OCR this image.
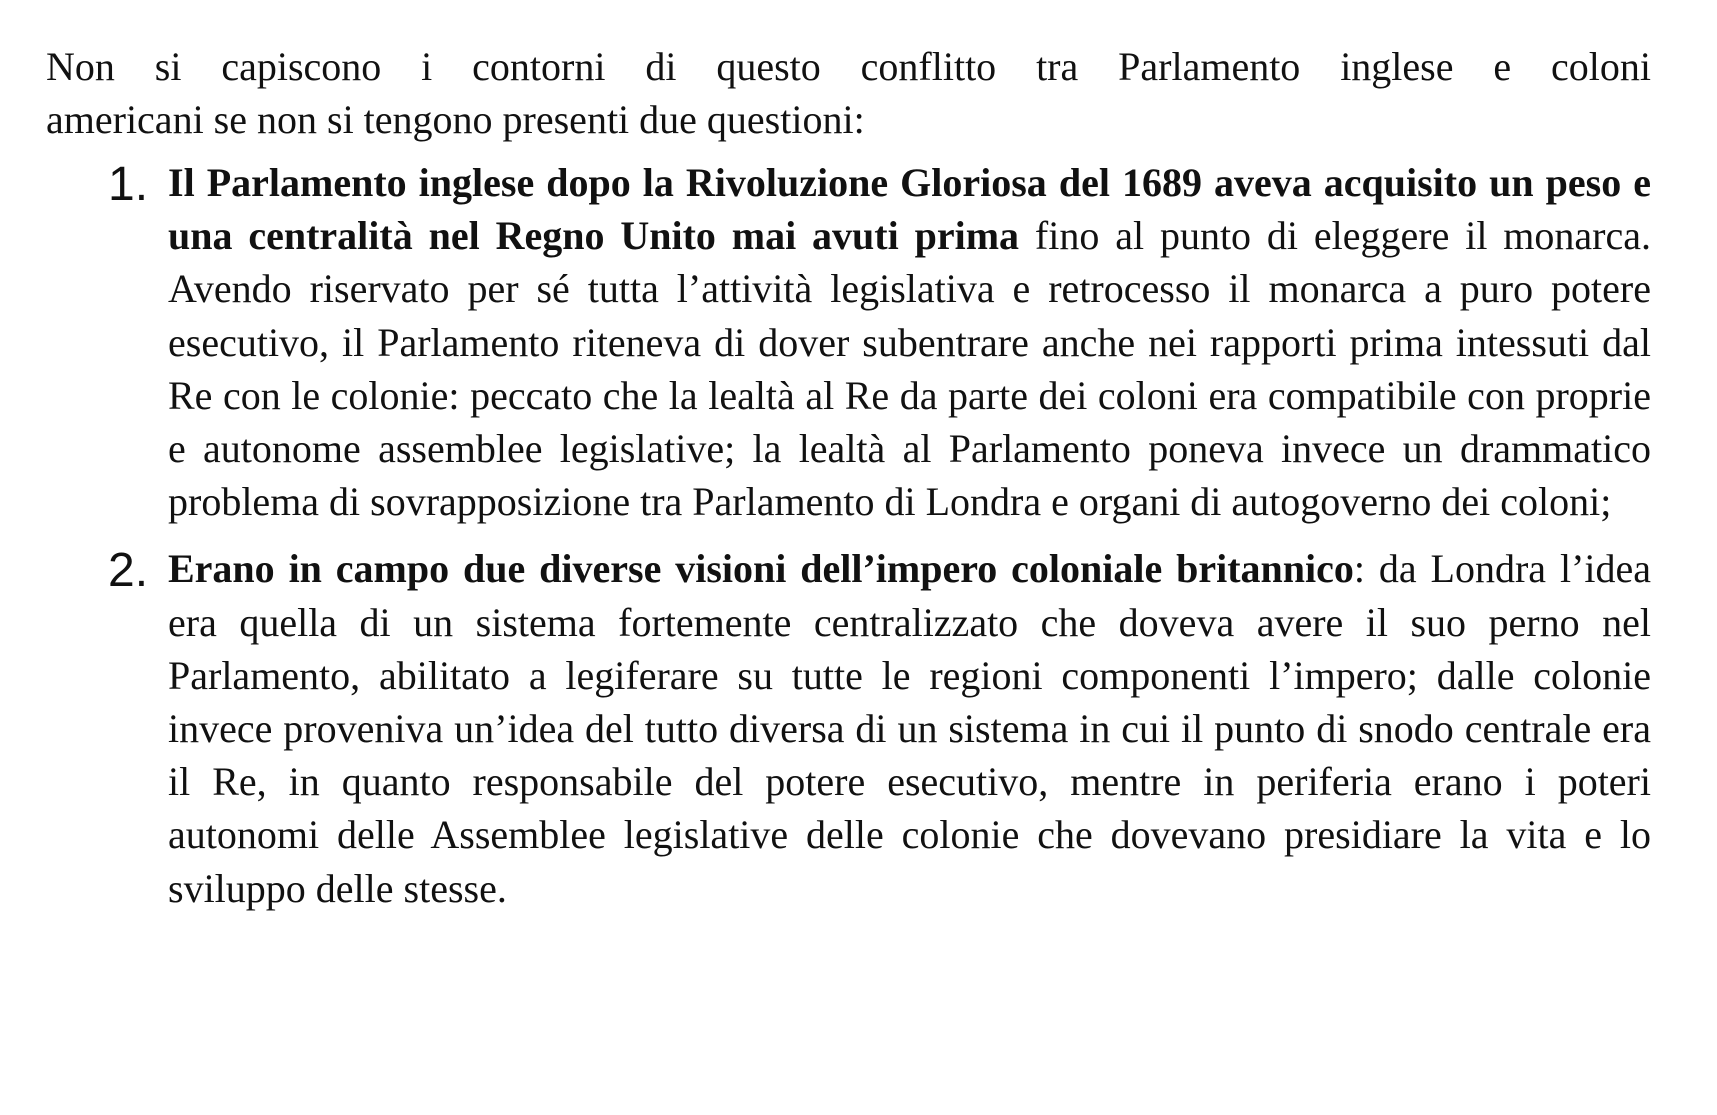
Non si capiscono i contorni di questo conflitto tra Parlamento inglese e coloni
americani se non si tengono presenti due questioni:

1. Il Parlamento inglese dopo la Rivoluzione Gloriosa del 1689 aveva acquisito un peso e una centralità nel Regno Unito mai avuti prima fino al punto di eleggere il monarca. Avendo riservato per sé tutta l’attività legislativa e retrocesso il monarca a puro potere esecutivo, il Parlamento riteneva di dover subentrare anche nei rapporti prima intessuti dal Re con le colonie: peccato che la lealtà al Re da parte dei coloni era compatibile con proprie e autonome assemblee legislative; la lealtà al Parlamento poneva invece un drammatico problema di sovrapposizione tra Parlamento di Londra e organi di autogoverno dei coloni;
2. Erano in campo due diverse visioni dell’impero coloniale britannico: da Londra l’idea era quella di un sistema fortemente centralizzato che doveva avere il suo perno nel Parlamento, abilitato a legiferare su tutte le regioni componenti l’impero; dalle colonie invece proveniva un’idea del tutto diversa di un sistema in cui il punto di snodo centrale era il Re, in quanto responsabile del potere esecutivo, mentre in periferia erano i poteri autonomi delle Assemblee legislative delle colonie che dovevano presidiare la vita e lo sviluppo delle stesse.
